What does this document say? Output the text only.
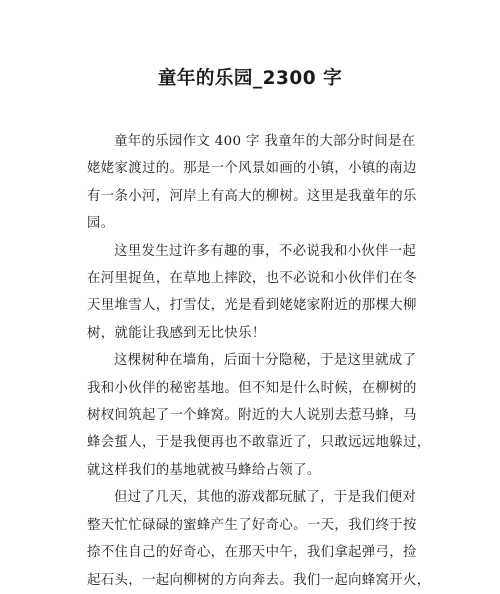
童年的乐园_2300 字

童年的乐园作文 400 字 我童年的大部分时间是在
姥姥家渡过的。那是一个风景如画的小镇，小镇的南边
有一条小河，河岸上有高大的柳树。这里是我童年的乐
园。

这里发生过许多有趣的事，不必说我和小伙伴一起
在河里捉鱼，在草地上摔跤，也不必说和小伙伴们在冬
天里堆雪人，打雪仗，光是看到姥姥家附近的那棵大柳
树，就能让我感到无比快乐！

这棵树种在墙角，后面十分隐秘，于是这里就成了
我和小伙伴的秘密基地。但不知是什么时候，在柳树的
树杈间筑起了一个蜂窝。附近的大人说别去惹马蜂，马
蜂会蜇人，于是我便再也不敢靠近了，只敢远远地躲过，
就这样我们的基地就被马蜂给占领了。

但过了几天，其他的游戏都玩腻了，于是我们便对
整天忙忙碌碌的蜜蜂产生了好奇心。一天，我们终于按
捺不住自己的好奇心，在那天中午，我们拿起弹弓，捡
起石头，一起向柳树的方向奔去。我们一起向蜂窝开火，
